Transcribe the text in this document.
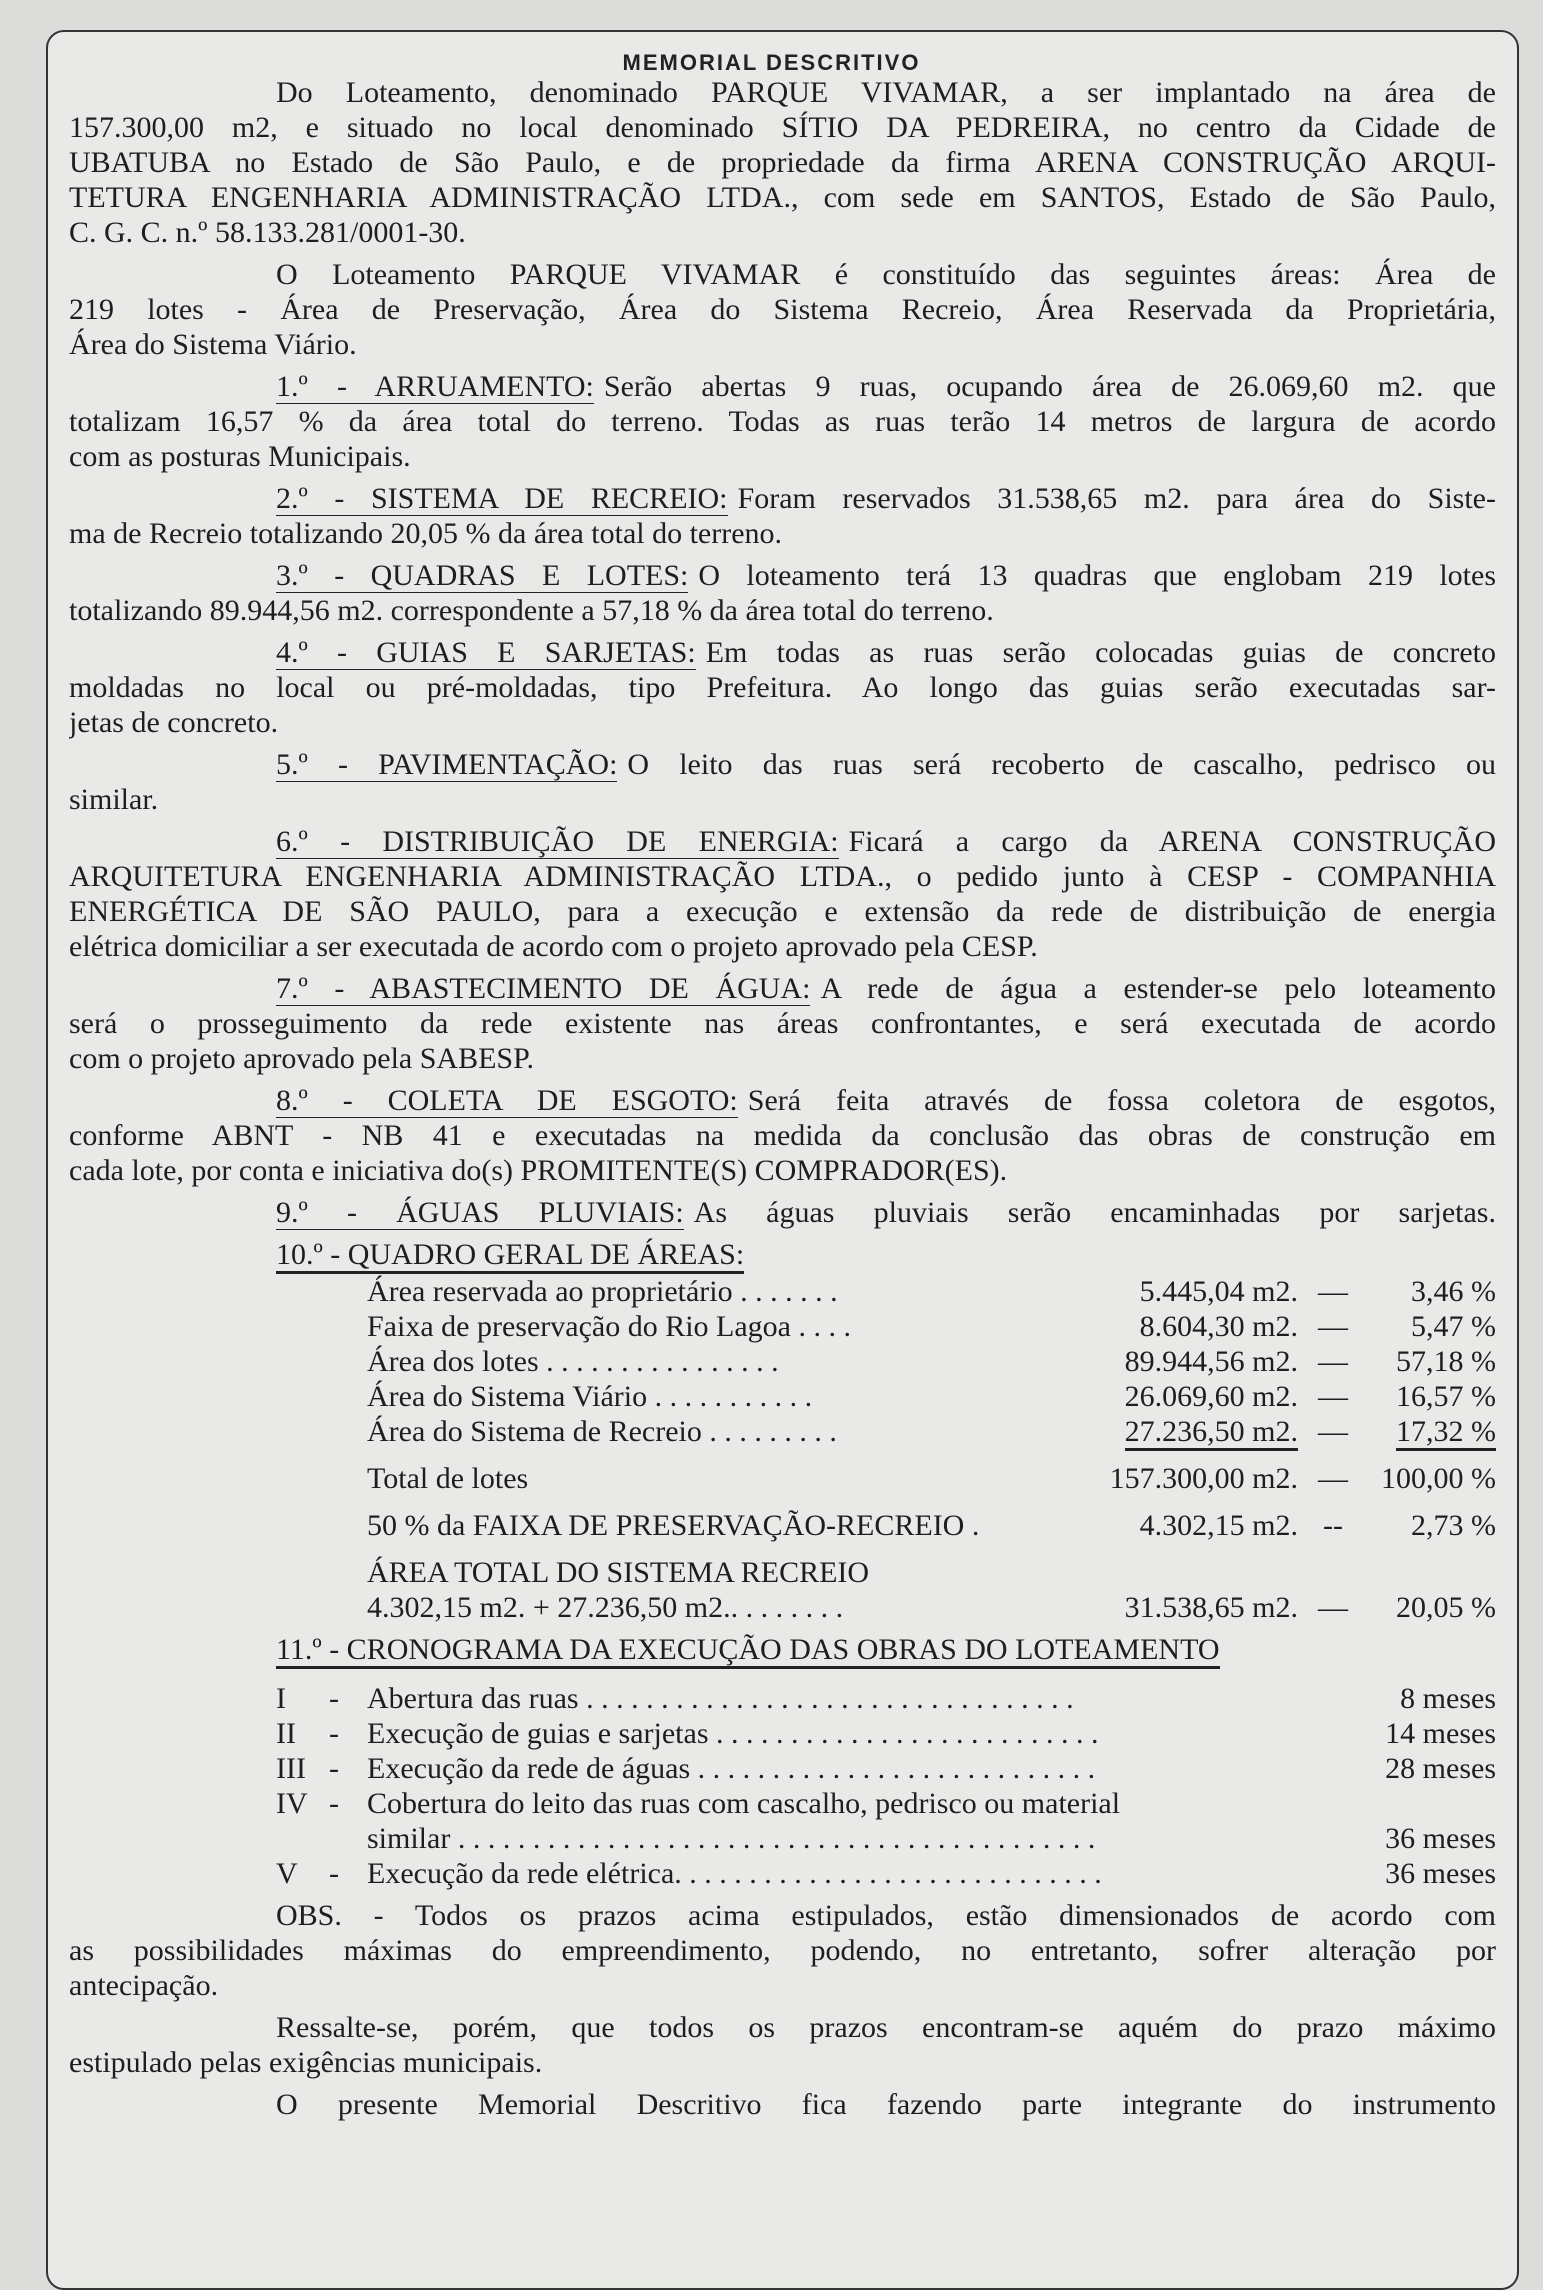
MEMORIAL DESCRITIVO
Do Loteamento, denominado PARQUE VIVAMAR, a ser implantado na área de
157.300,00 m2, e situado no local denominado SÍTIO DA PEDREIRA, no centro da Cidade de
UBATUBA no Estado de São Paulo, e de propriedade da firma ARENA CONSTRUÇÃO ARQUI-
TETURA ENGENHARIA ADMINISTRAÇÃO LTDA., com sede em SANTOS, Estado de São Paulo,
C. G. C. n.º 58.133.281/0001-30.
O Loteamento PARQUE VIVAMAR é constituído das seguintes áreas: Área de
219 lotes - Área de Preservação, Área do Sistema Recreio, Área Reservada da Proprietária,
Área do Sistema Viário.
1.º - ARRUAMENTO: Serão abertas 9 ruas, ocupando área de 26.069,60 m2. que
totalizam 16,57 % da área total do terreno. Todas as ruas terão 14 metros de largura de acordo
com as posturas Municipais.
2.º - SISTEMA DE RECREIO: Foram reservados 31.538,65 m2. para área do Siste-
ma de Recreio totalizando 20,05 % da área total do terreno.
3.º - QUADRAS E LOTES: O loteamento terá 13 quadras que englobam 219 lotes
totalizando 89.944,56 m2. correspondente a 57,18 % da área total do terreno.
4.º - GUIAS E SARJETAS: Em todas as ruas serão colocadas guias de concreto
moldadas no local ou pré-moldadas, tipo Prefeitura. Ao longo das guias serão executadas sar-
jetas de concreto.
5.º - PAVIMENTAÇÃO: O leito das ruas será recoberto de cascalho, pedrisco ou
similar.
6.º - DISTRIBUIÇÃO DE ENERGIA: Ficará a cargo da ARENA CONSTRUÇÃO
ARQUITETURA ENGENHARIA ADMINISTRAÇÃO LTDA., o pedido junto à CESP - COMPANHIA
ENERGÉTICA DE SÃO PAULO, para a execução e extensão da rede de distribuição de energia
elétrica domiciliar a ser executada de acordo com o projeto aprovado pela CESP.
7.º - ABASTECIMENTO DE ÁGUA: A rede de água a estender-se pelo loteamento
será o prosseguimento da rede existente nas áreas confrontantes, e será executada de acordo
com o projeto aprovado pela SABESP.
8.º - COLETA DE ESGOTO: Será feita através de fossa coletora de esgotos,
conforme ABNT - NB 41 e executadas na medida da conclusão das obras de construção em
cada lote, por conta e iniciativa do(s) PROMITENTE(S) COMPRADOR(ES).
9.º - ÁGUAS PLUVIAIS: As águas pluviais serão encaminhadas por sarjetas.
10.º - QUADRO GERAL DE ÁREAS:
Área reservada ao proprietário . . . . . . .	5.445,04 m2. —	3,46 %
Faixa de preservação do Rio Lagoa . . . .	8.604,30 m2. —	5,47 %
Área dos lotes . . . . . . . . . . . . . . . .	89.944,56 m2. —	57,18 %
Área do Sistema Viário . . . . . . . . . . .	26.069,60 m2. —	16,57 %
Área do Sistema de Recreio . . . . . . . . .	27.236,50 m2. —	17,32 %
Total de lotes	157.300,00 m2. —	100,00 %
50 % da FAIXA DE PRESERVAÇÃO-RECREIO .	4.302,15 m2. --	2,73 %
ÁREA TOTAL DO SISTEMA RECREIO
4.302,15 m2. + 27.236,50 m2.. . . . . . . .	31.538,65 m2. —	20,05 %
11.º - CRONOGRAMA DA EXECUÇÃO DAS OBRAS DO LOTEAMENTO
I	- Abertura das ruas . . . . . . . . . . . . . . . . . . . . . . . . . . . . . . . . .	8 meses
II	- Execução de guias e sarjetas . . . . . . . . . . . . . . . . . . . . . . . . . .	14 meses
III - Execução da rede de águas . . . . . . . . . . . . . . . . . . . . . . . . . . .	28 meses
IV - Cobertura do leito das ruas com cascalho, pedrisco ou material
similar . . . . . . . . . . . . . . . . . . . . . . . . . . . . . . . . . . . . . . . . . . .	36 meses
V	- Execução da rede elétrica. . . . . . . . . . . . . . . . . . . . . . . . . . . . .	36 meses
OBS. - Todos os prazos acima estipulados, estão dimensionados de acordo com
as possibilidades máximas do empreendimento, podendo, no entretanto, sofrer alteração por
antecipação.
Ressalte-se, porém, que todos os prazos encontram-se aquém do prazo máximo
estipulado pelas exigências municipais.
O presente Memorial Descritivo fica fazendo parte integrante do instrumento
